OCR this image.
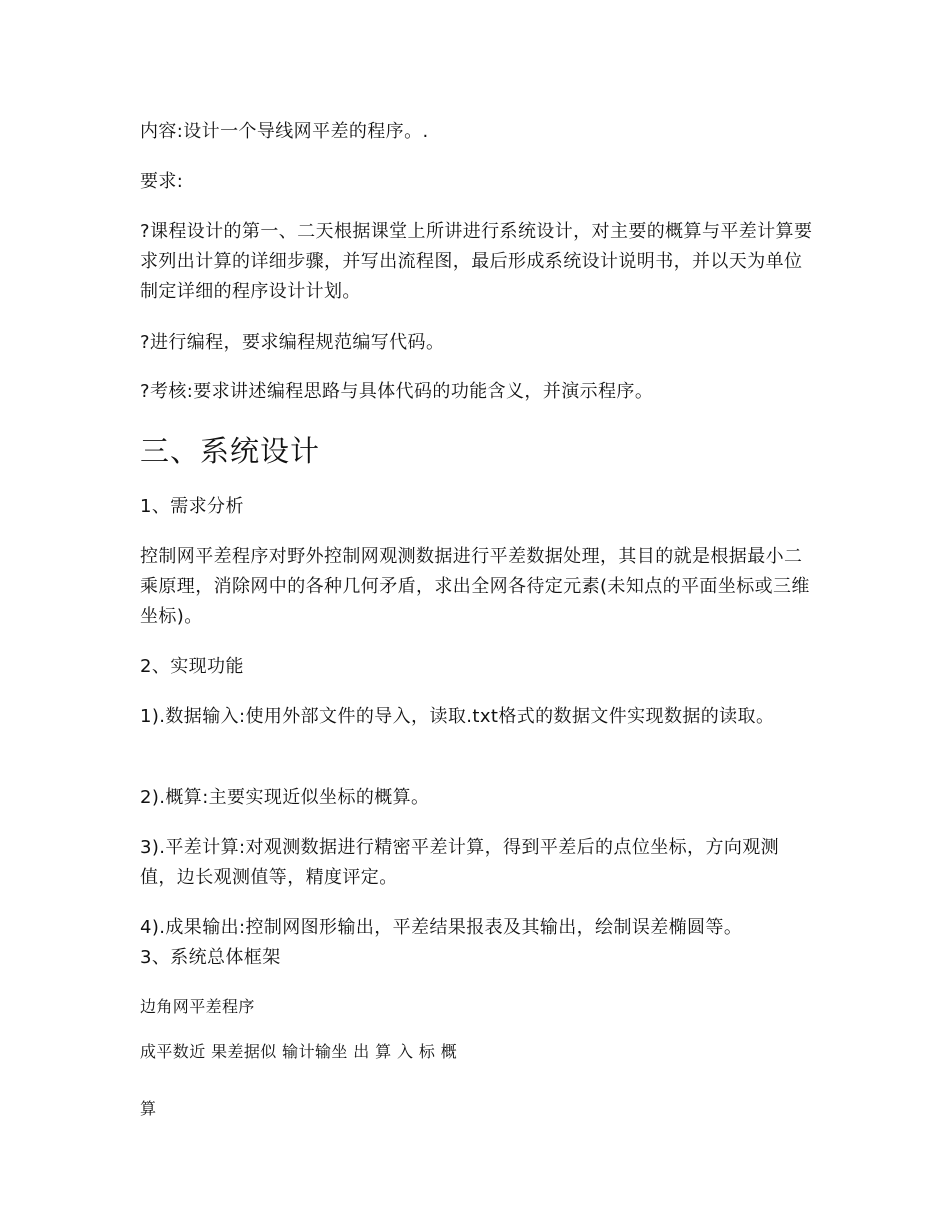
内容:设计一个导线网平差的程序。.
要求:
?课程设计的第一、二天根据课堂上所讲进行系统设计，对主要的概算与平差计算要求列出计算的详细步骤，并写出流程图，最后形成系统设计说明书，并以天为单位制定详细的程序设计计划。
?进行编程，要求编程规范编写代码。
?考核:要求讲述编程思路与具体代码的功能含义，并演示程序。
三、系统设计
1、需求分析
控制网平差程序对野外控制网观测数据进行平差数据处理，其目的就是根据最小二乘原理，消除网中的各种几何矛盾，求出全网各待定元素(未知点的平面坐标或三维坐标)。
2、实现功能
1).数据输入:使用外部文件的导入，读取.txt格式的数据文件实现数据的读取。
2).概算:主要实现近似坐标的概算。
3).平差计算:对观测数据进行精密平差计算，得到平差后的点位坐标，方向观测值，边长观测值等，精度评定。
4).成果输出:控制网图形输出，平差结果报表及其输出，绘制误差椭圆等。
3、系统总体框架
边角网平差程序
成平数近 果差据似 输计输坐 出 算 入 标 概
算
